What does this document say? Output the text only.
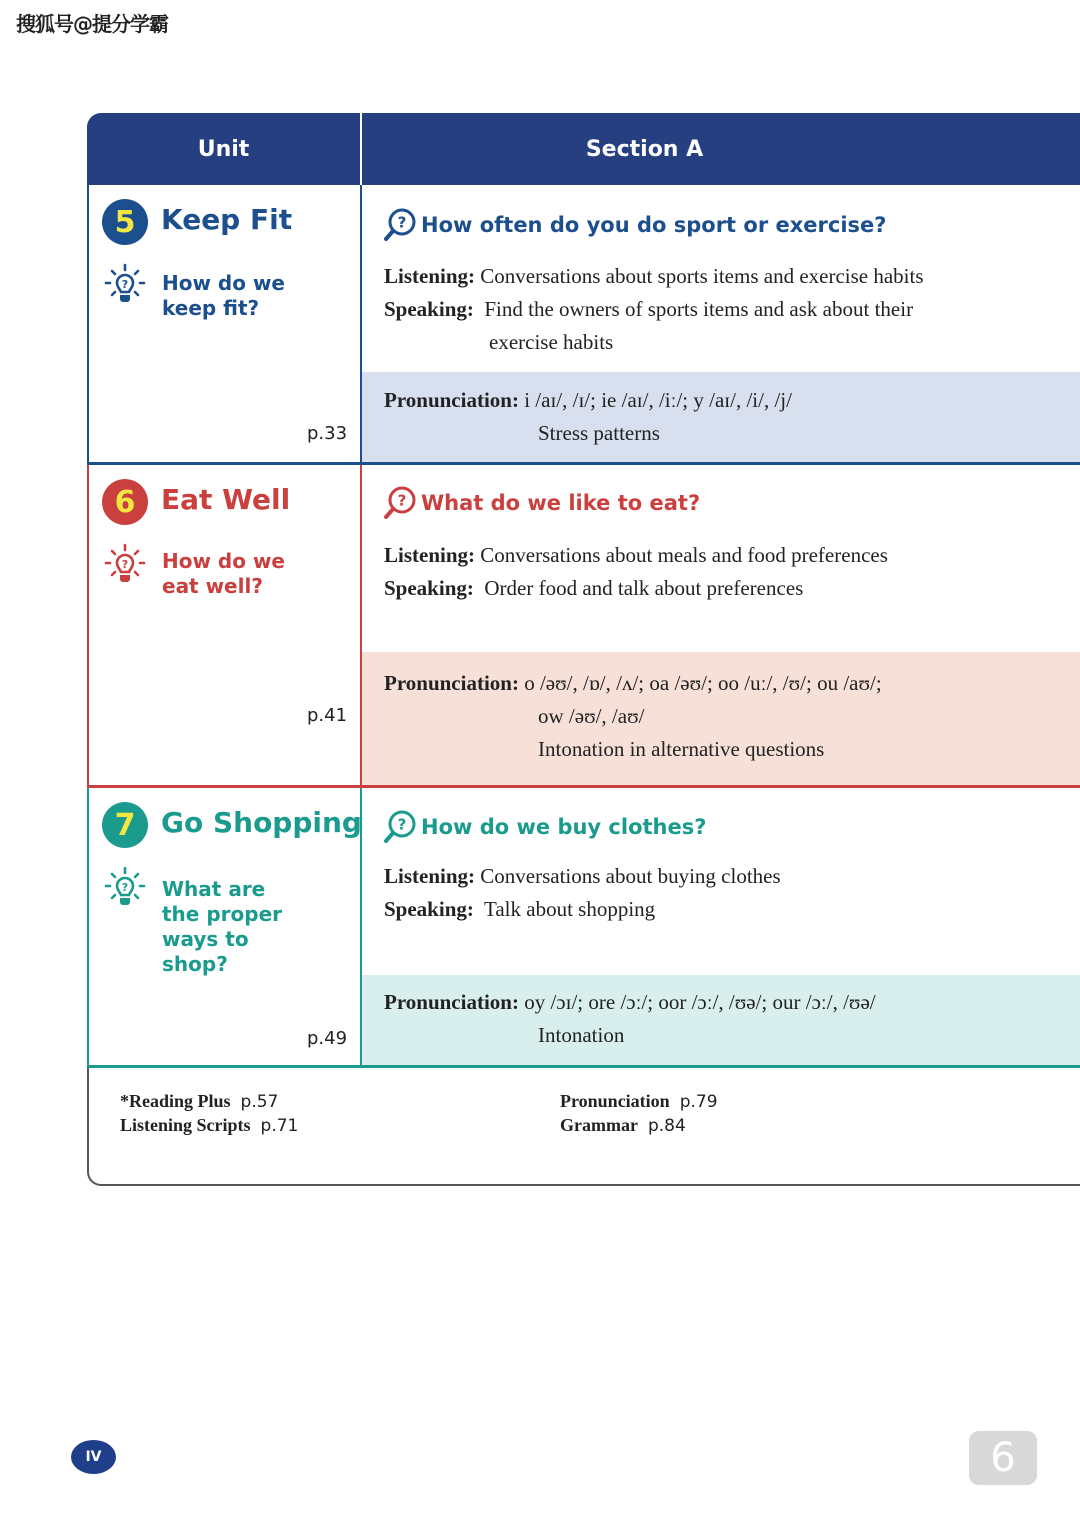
搜狐号@提分学霸
Unit	Section A
5 Keep Fit
How do we keep fit?
p.33
How often do you do sport or exercise?
Listening: Conversations about sports items and exercise habits
Speaking: Find the owners of sports items and ask about their
exercise habits
Pronunciation: i /aɪ/, /ɪ/; ie /aɪ/, /iː/; y /aɪ/, /i/, /j/
Stress patterns
6 Eat Well
How do we eat well?
p.41
What do we like to eat?
Listening: Conversations about meals and food preferences
Speaking: Order food and talk about preferences
Pronunciation: o /əʊ/, /ɒ/, /ʌ/; oa /əʊ/; oo /uː/, /ʊ/; ou /aʊ/;
ow /əʊ/, /aʊ/
Intonation in alternative questions
7 Go Shopping
What are the proper ways to shop?
p.49
How do we buy clothes?
Listening: Conversations about buying clothes
Speaking: Talk about shopping
Pronunciation: oy /ɔɪ/; ore /ɔː/; oor /ɔː/, /ʊə/; our /ɔː/, /ʊə/
Intonation
*Reading Plus p.57
Listening Scripts p.71
Pronunciation p.79
Grammar p.84
IV	6
